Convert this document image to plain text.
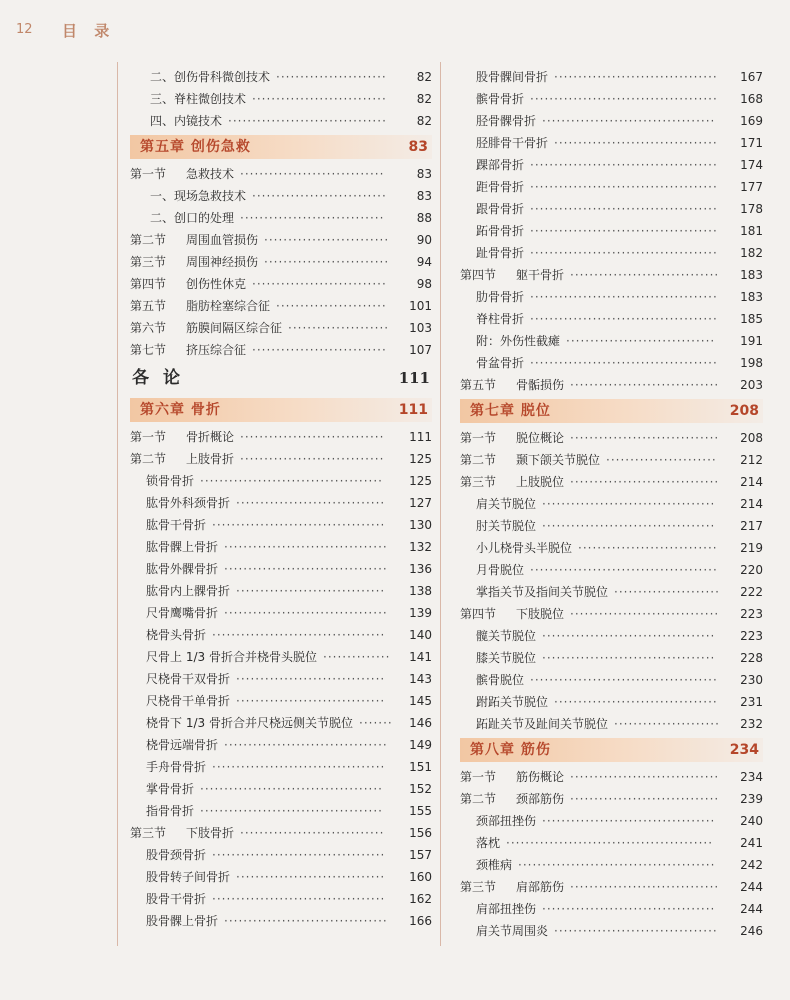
12 目 录
二、创伤骨科微创技术 ·······················	82
三、脊柱微创技术 ····························	82
四、内镜技术 ·································	82
第五章 创伤急救	83
第一节 急救技术 ······························	83
一、现场急救技术 ····························	83
二、创口的处理 ······························	88
第二节 周围血管损伤 ··························	90
第三节 周围神经损伤 ··························	94
第四节 创伤性休克 ····························	98
第五节 脂肪栓塞综合征 ·······················	101
第六节 筋膜间隔区综合征 ·····················	103
第七节 挤压综合征 ····························	107
各论	111
第六章 骨折	111
第一节 骨折概论 ······························	111
第二节 上肢骨折 ······························	125
锁骨骨折 ······································	125
肱骨外科颈骨折 ·······························	127
肱骨干骨折 ····································	130
肱骨髁上骨折 ··································	132
肱骨外髁骨折 ··································	136
肱骨内上髁骨折 ·······························	138
尺骨鹰嘴骨折 ··································	139
桡骨头骨折 ····································	140
尺骨上 1/3 骨折合并桡骨头脱位 ··············	141
尺桡骨干双骨折 ·······························	143
尺桡骨干单骨折 ·······························	145
桡骨下 1/3 骨折合并尺桡远侧关节脱位 ·······	146
桡骨远端骨折 ··································	149
手舟骨骨折 ····································	151
掌骨骨折 ······································	152
指骨骨折 ······································	155
第三节 下肢骨折 ······························	156
股骨颈骨折 ····································	157
股骨转子间骨折 ·······························	160
股骨干骨折 ····································	162
股骨髁上骨折 ··································	166
股骨髁间骨折 ··································	167
髌骨骨折 ·······································	168
胫骨髁骨折 ····································	169
胫腓骨干骨折 ··································	171
踝部骨折 ·······································	174
距骨骨折 ·······································	177
跟骨骨折 ·······································	178
跖骨骨折 ·······································	181
趾骨骨折 ·······································	182
第四节 躯干骨折 ·······························	183
肋骨骨折 ·······································	183
脊柱骨折 ·······································	185
附：外伤性截瘫 ·······························	191
骨盆骨折 ·······································	198
第五节 骨骺损伤 ·······························	203
第七章 脱位	208
第一节 脱位概论 ·······························	208
第二节 颞下颌关节脱位 ·······················	212
第三节 上肢脱位 ·······························	214
肩关节脱位 ····································	214
肘关节脱位 ····································	217
小儿桡骨头半脱位 ·····························	219
月骨脱位 ·······································	220
掌指关节及指间关节脱位 ······················	222
第四节 下肢脱位 ·······························	223
髋关节脱位 ····································	223
膝关节脱位 ····································	228
髌骨脱位 ·······································	230
跗跖关节脱位 ··································	231
跖趾关节及趾间关节脱位 ······················	232
第八章 筋伤	234
第一节 筋伤概论 ·······························	234
第二节 颈部筋伤 ·······························	239
颈部扭挫伤 ····································	240
落枕 ···········································	241
颈椎病 ·········································	242
第三节 肩部筋伤 ·······························	244
肩部扭挫伤 ····································	244
肩关节周围炎 ··································	246
